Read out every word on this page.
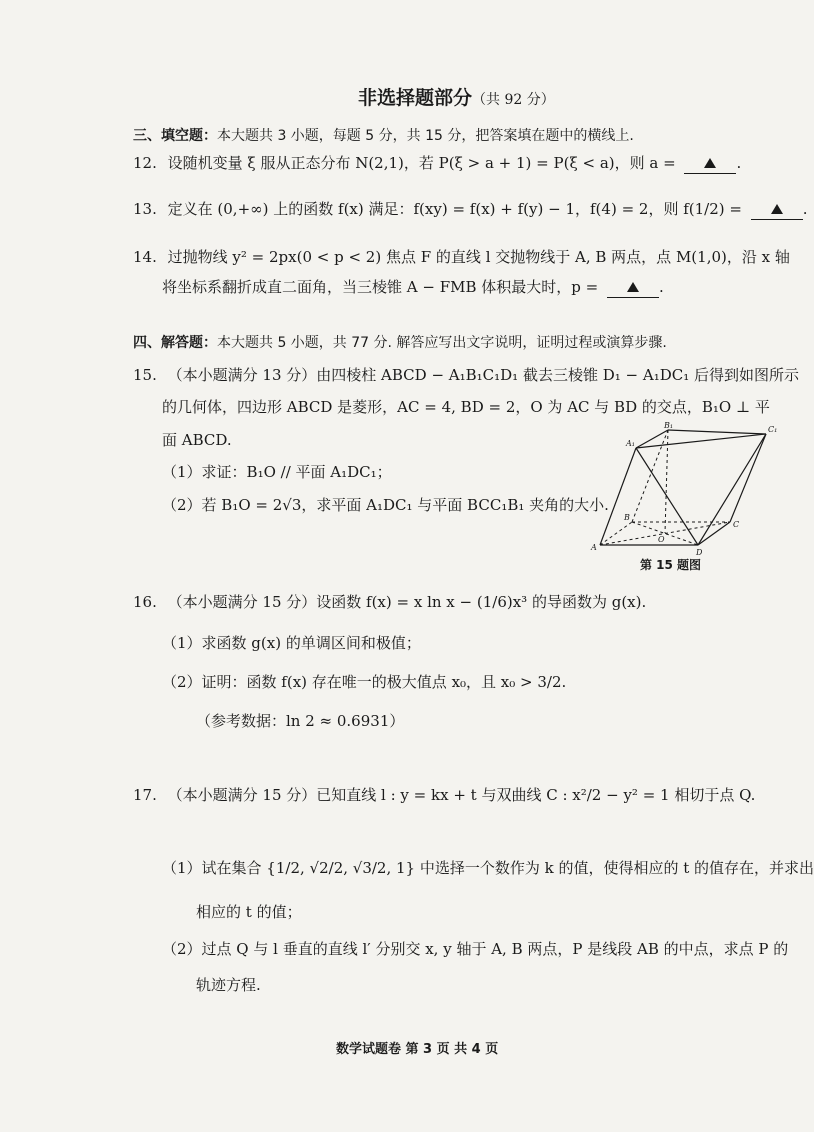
非选择题部分（共 92 分）
三、填空题：本大题共 3 小题，每题 5 分，共 15 分，把答案填在题中的横线上.
12. 设随机变量 ξ 服从正态分布 N(2,1)，若 P(ξ > a + 1) = P(ξ < a)，则 a =	.
13. 定义在 (0,+∞) 上的函数 f(x) 满足：f(xy) = f(x) + f(y) − 1，f(4) = 2，则 f(1/2) =	.
14. 过抛物线 y² = 2px(0 < p < 2) 焦点 F 的直线 l 交抛物线于 A, B 两点，点 M(1,0)，沿 x 轴
将坐标系翻折成直二面角，当三棱锥 A − FMB 体积最大时，p =	.
四、解答题：本大题共 5 小题，共 77 分. 解答应写出文字说明，证明过程或演算步骤.
15. （本小题满分 13 分）由四棱柱 ABCD − A₁B₁C₁D₁ 截去三棱锥 D₁ − A₁DC₁ 后得到如图所示
的几何体，四边形 ABCD 是菱形，AC = 4, BD = 2，O 为 AC 与 BD 的交点，B₁O ⊥ 平
面 ABCD.
（1）求证：B₁O // 平面 A₁DC₁；
（2）若 B₁O = 2√3，求平面 A₁DC₁ 与平面 BCC₁B₁ 夹角的大小.
A₁
B₁	C₁
A
B
C
D
O
第 15 题图
16. （本小题满分 15 分）设函数 f(x) = x ln x − (1/6)x³ 的导函数为 g(x).
（1）求函数 g(x) 的单调区间和极值；
（2）证明：函数 f(x) 存在唯一的极大值点 x₀，且 x₀ > 3/2.
（参考数据：ln 2 ≈ 0.6931）
17. （本小题满分 15 分）已知直线 l : y = kx + t 与双曲线 C : x²/2 − y² = 1 相切于点 Q.
（1）试在集合 {1/2, √2/2, √3/2, 1} 中选择一个数作为 k 的值，使得相应的 t 的值存在，并求出
相应的 t 的值；
（2）过点 Q 与 l 垂直的直线 l′ 分别交 x, y 轴于 A, B 两点，P 是线段 AB 的中点，求点 P 的
轨迹方程.
数学试题卷 第 3 页 共 4 页
